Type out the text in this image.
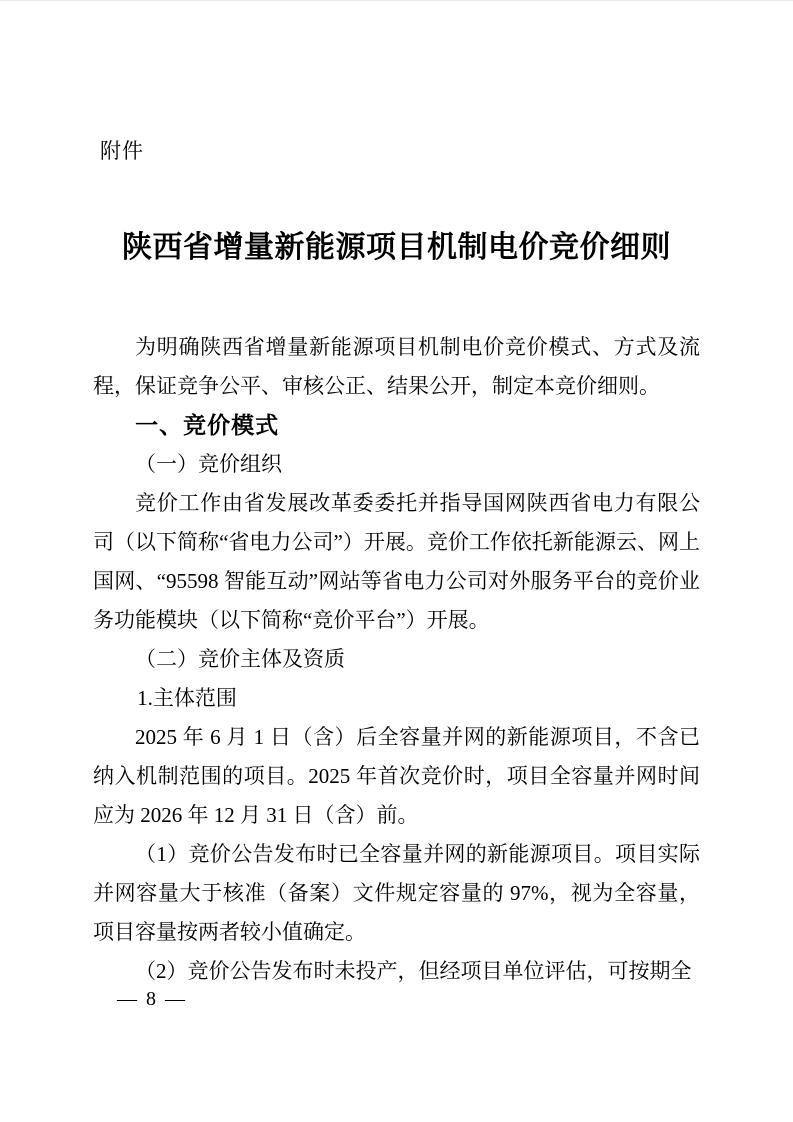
附件
陕西省增量新能源项目机制电价竞价细则

为明确陕西省增量新能源项目机制电价竞价模式、方式及流程，保证竞争公平、审核公正、结果公开，制定本竞价细则。

一、竞价模式

（一）竞价组织

竞价工作由省发展改革委委托并指导国网陕西省电力有限公司（以下简称“省电力公司”）开展。竞价工作依托新能源云、网上国网、“95598 智能互动”网站等省电力公司对外服务平台的竞价业务功能模块（以下简称“竞价平台”）开展。

（二）竞价主体及资质

1.主体范围

2025 年 6 月 1 日（含）后全容量并网的新能源项目，不含已纳入机制范围的项目。2025 年首次竞价时，项目全容量并网时间应为 2026 年 12 月 31 日（含）前。

（1）竞价公告发布时已全容量并网的新能源项目。项目实际并网容量大于核准（备案）文件规定容量的 97%，视为全容量，项目容量按两者较小值确定。

（2）竞价公告发布时未投产，但经项目单位评估，可按期全

— 8 —
